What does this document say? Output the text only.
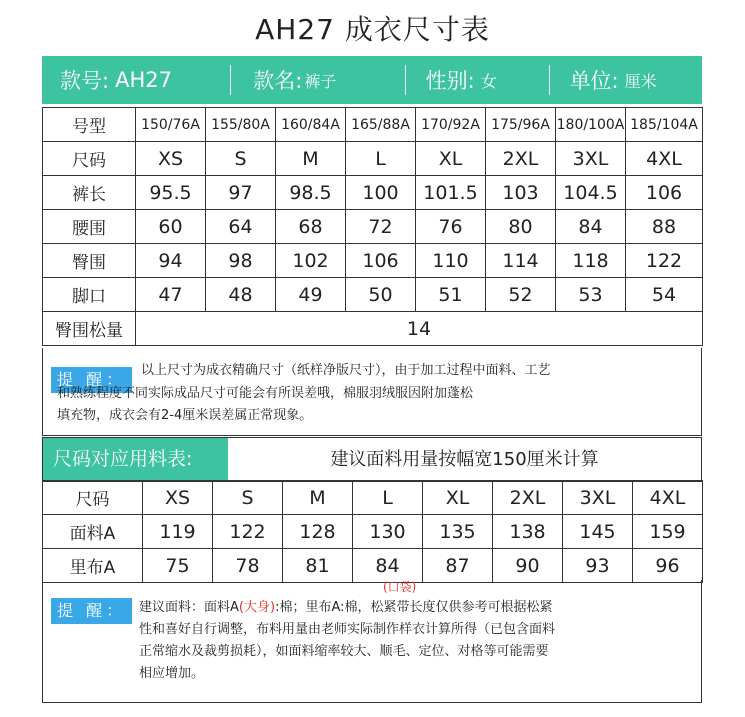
AH27 成衣尺寸表
款号: AH27	款名: 裤子	性别: 女	单位: 厘米
号型	150/76A	155/80A	160/84A	165/88A	170/92A	175/96A	180/100A	185/104A
尺码	XS	S	M	L	XL	2XL	3XL	4XL
裤长	95.5	97	98.5	100	101.5	103	104.5	106
腰围	60	64	68	72	76	80	84	88
臀围	94	98	102	106	110	114	118	122
脚口	47	48	49	50	51	52	53	54
臀围松量	14							
提 醒：	以上尺寸为成衣精确尺寸（纸样净版尺寸），由于加工过程中面料、工艺
和熟练程度不同实际成品尺寸可能会有所误差哦，棉服羽绒服因附加蓬松
填充物，成衣会有2-4厘米误差属正常现象。
尺码对应用料表:	建议面料用量按幅宽150厘米计算
尺码	XS	S	M	L	XL	2XL	3XL	4XL
面料A	119	122	128	130	135	138	145	159
里布A	75	78	81	84	87	90	93	96
(口袋)
提 醒： 建议面料：面料A(大身):棉；里布A:棉，松紧带长度仅供参考可根据松紧
性和喜好自行调整，布料用量由老师实际制作样衣计算所得（已包含面料
正常缩水及裁剪损耗），如面料缩率较大、顺毛、定位、对格等可能需要
相应增加。
